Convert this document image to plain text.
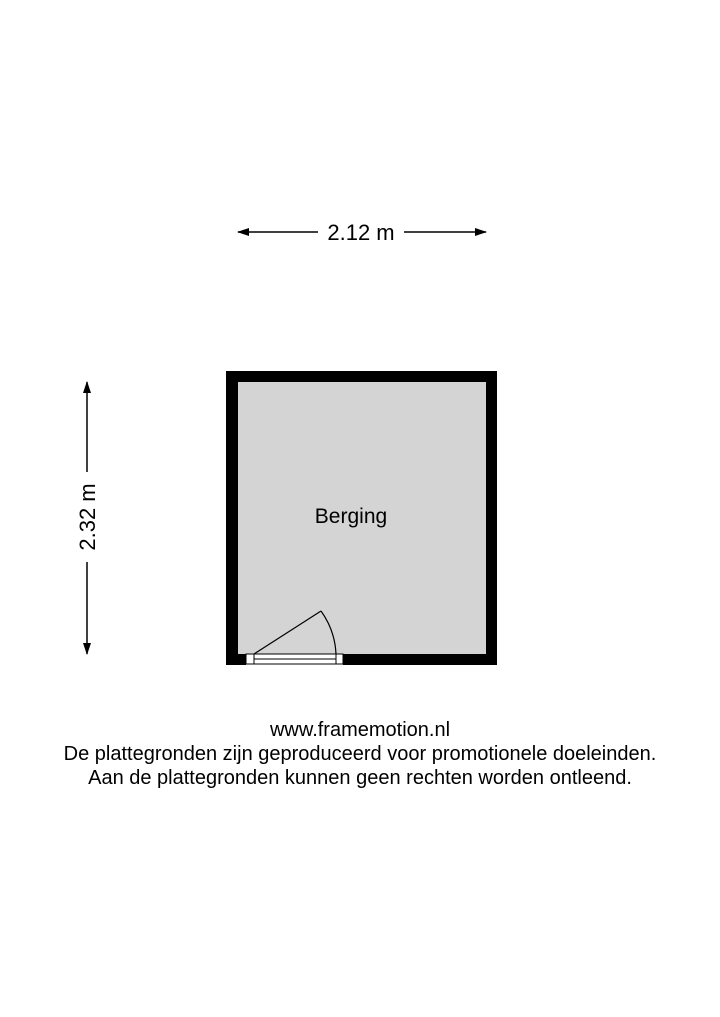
2.12 m
2.32 m	Berging
www.framemotion.nl
De plattegronden zijn geproduceerd voor promotionele doeleinden.
Aan de plattegronden kunnen geen rechten worden ontleend.
